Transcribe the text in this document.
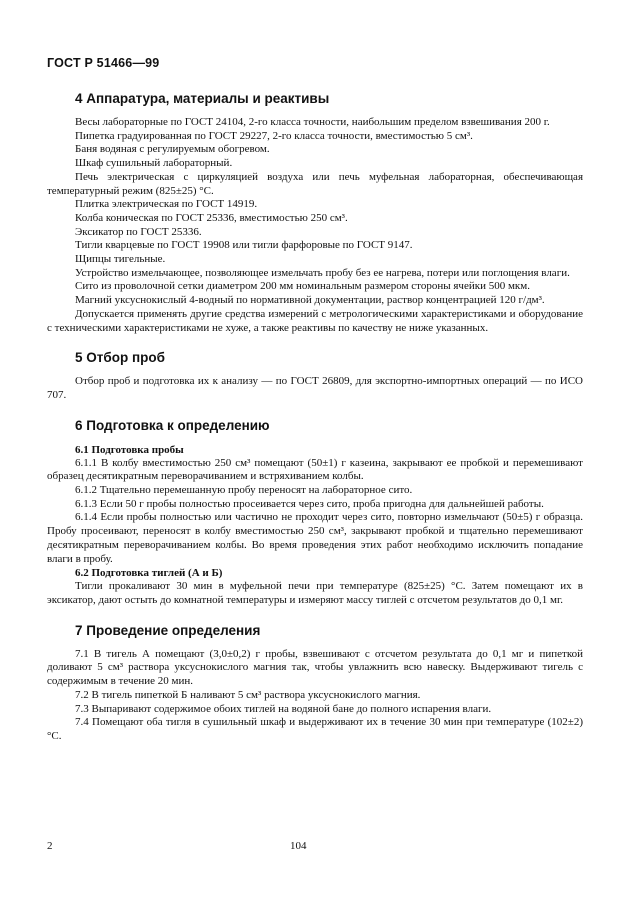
ГОСТ Р 51466—99
4 Аппаратура, материалы и реактивы

Весы лабораторные по ГОСТ 24104, 2-го класса точности, наибольшим пределом взвешивания 200 г.

Пипетка градуированная по ГОСТ 29227, 2-го класса точности, вместимостью 5 см³.

Баня водяная с регулируемым обогревом.

Шкаф сушильный лабораторный.

Печь электрическая с циркуляцией воздуха или печь муфельная лабораторная, обеспечивающая температурный режим (825±25) °С.

Плитка электрическая по ГОСТ 14919.

Колба коническая по ГОСТ 25336, вместимостью 250 см³.

Эксикатор по ГОСТ 25336.

Тигли кварцевые по ГОСТ 19908 или тигли фарфоровые по ГОСТ 9147.

Щипцы тигельные.

Устройство измельчающее, позволяющее измельчать пробу без ее нагрева, потери или поглощения влаги.

Сито из проволочной сетки диаметром 200 мм номинальным размером стороны ячейки 500 мкм.

Магний уксуснокислый 4-водный по нормативной документации, раствор концентрацией 120 г/дм³.

Допускается применять другие средства измерений с метрологическими характеристиками и оборудование с техническими характеристиками не хуже, а также реактивы по качеству не ниже указанных.

5 Отбор проб

Отбор проб и подготовка их к анализу — по ГОСТ 26809, для экспортно-импортных операций — по ИСО 707.

6 Подготовка к определению
6.1 Подготовка пробы

6.1.1 В колбу вместимостью 250 см³ помещают (50±1) г казеина, закрывают ее пробкой и перемешивают образец десятикратным переворачиванием и встряхиванием колбы.

6.1.2 Тщательно перемешанную пробу переносят на лабораторное сито.

6.1.3 Если 50 г пробы полностью просеивается через сито, проба пригодна для дальнейшей работы.

6.1.4 Если пробы полностью или частично не проходит через сито, повторно измельчают (50±5) г образца. Пробу просеивают, переносят в колбу вместимостью 250 см³, закрывают пробкой и тщательно перемешивают десятикратным переворачиванием колбы. Во время проведения этих работ необходимо исключить попадание влаги в пробу.

6.2 Подготовка тиглей (А и Б)

Тигли прокаливают 30 мин в муфельной печи при температуре (825±25) °С. Затем помещают их в эксикатор, дают остыть до комнатной температуры и измеряют массу тиглей с отсчетом результатов до 0,1 мг.

7 Проведение определения

7.1 В тигель А помещают (3,0±0,2) г пробы, взвешивают с отсчетом результата до 0,1 мг и пипеткой доливают 5 см³ раствора уксуснокислого магния так, чтобы увлажнить всю навеску. Выдерживают тигель с содержимым в течение 20 мин.

7.2 В тигель пипеткой Б наливают 5 см³ раствора уксуснокислого магния.

7.3 Выпаривают содержимое обоих тиглей на водяной бане до полного испарения влаги.

7.4 Помещают оба тигля в сушильный шкаф и выдерживают их в течение 30 мин при температуре (102±2) °С.

2	104
